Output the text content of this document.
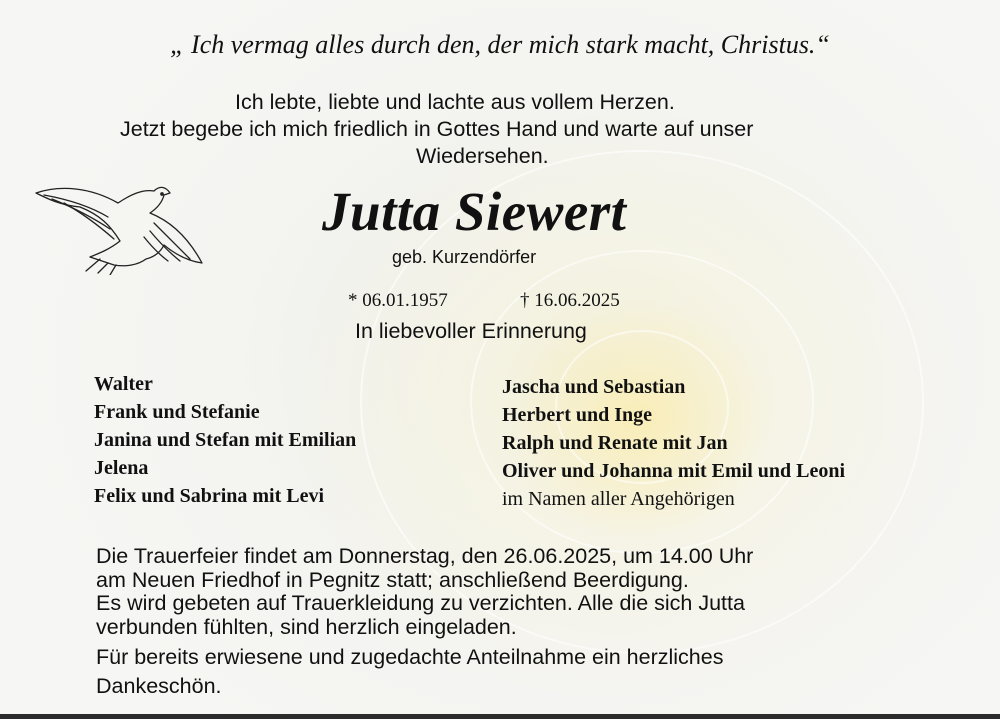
„ Ich vermag alles durch den, der mich stark macht, Christus.“

Ich lebte, liebte und lachte aus vollem Herzen.

Jetzt begebe ich mich friedlich in Gottes Hand und warte auf unser

Wiedersehen.

Jutta Siewert

geb. Kurzendörfer

* 06.01.1957	† 16.06.2025

In liebevoller Erinnerung

Walter

Frank und Stefanie

Janina und Stefan mit Emilian

Jelena

Felix und Sabrina mit Levi

Jascha und Sebastian

Herbert und Inge

Ralph und Renate mit Jan

Oliver und Johanna mit Emil und Leoni

im Namen aller Angehörigen

Die Trauerfeier findet am Donnerstag, den 26.06.2025, um 14.00 Uhr

am Neuen Friedhof in Pegnitz statt; anschließend Beerdigung.

Es wird gebeten auf Trauerkleidung zu verzichten. Alle die sich Jutta

verbunden fühlten, sind herzlich eingeladen.

Für bereits erwiesene und zugedachte Anteilnahme ein herzliches

Dankeschön.
